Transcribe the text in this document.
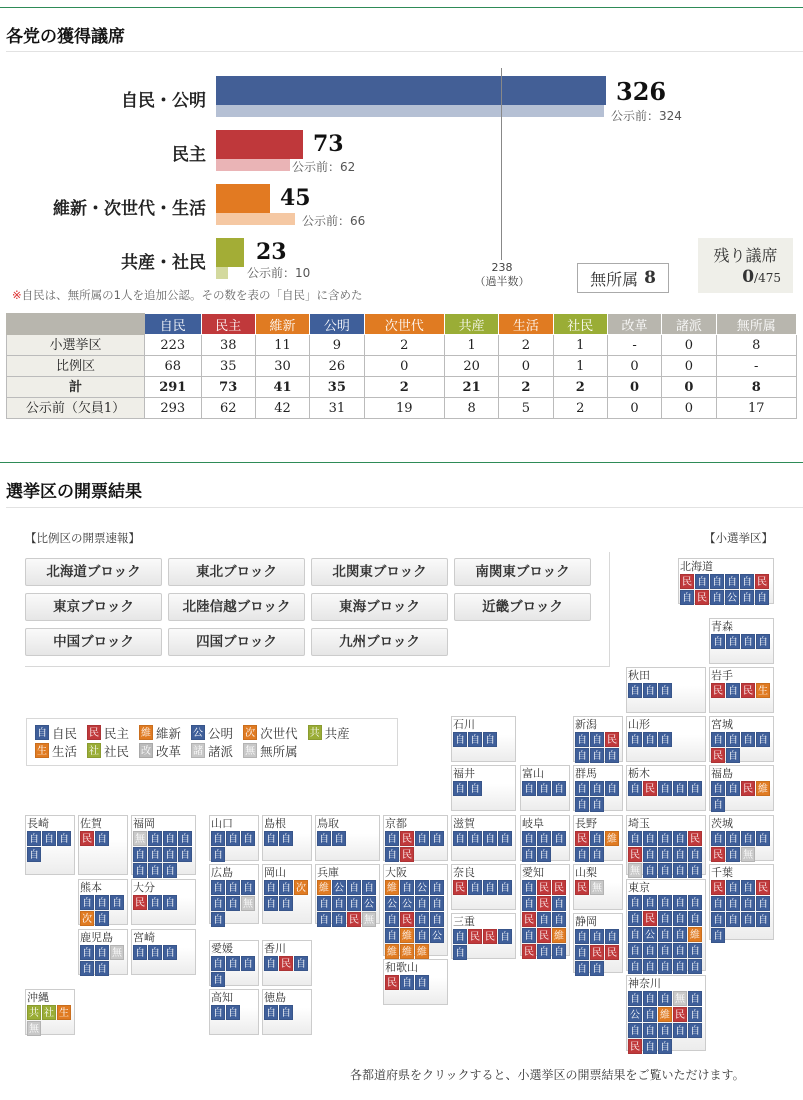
各党の獲得議席
自民・公明	326
公示前：324
民主	73
公示前：62
維新・次世代・生活	45
公示前：66
共産・社民 23
公示前：10	238
（過半数）	無所属 8
残り議席
0/475
※自民は、無所属の1人を追加公認。その数を表の「自民」に含めた
	自民	民主	維新	公明	次世代	共産	生活	社民	改革	諸派	無所属
小選挙区	223	38	11	9	2	1	2	1	-	0	8
比例区	68	35	30	26	0	20	0	1	0	0	-
計	291	73	41	35	2	21	2	2	0	0	8
公示前（欠員1）	293	62	42	31	19	8	5	2	0	0	17
選挙区の開票結果
【比例区の開票速報】	【小選挙区】
北海道ブロック	東北ブロック	北関東ブロック	南関東ブロック
東京ブロック	北陸信越ブロック	東海ブロック	近畿ブロック
中国ブロック	四国ブロック	九州ブロック
自 自民 民 民主 維 維新 公 公明 次 次世代 共 共産
生 生活 社 社民 改 改革 諸 諸派 無 無所属
北海道
民 自 自 自 自 民自 民 自 公 自 自
青森
自 自 自 自
秋田
自 自 自
岩手
民 自 民 生
石川
自 自 自
新潟
自 自 民自 自 自
山形
自 自 自
宮城
自 自 自 自民 自
福井
自 自
富山
自 自 自
群馬
自 自 自自 自
栃木
自 民 自 自 自
福島
自 自 民 維自
長崎
自 自 自自
佐賀
民 自
福岡
無 自 自 自自 自 自 自自 自 自
山口
自 自 自自
島根
自 自
鳥取
自 自
京都
自 民 自 自自 民
滋賀
自 自 自 自
岐阜
自 自 自自 自
長野
民 自 維自 自
埼玉
自 自 自 自 民民 自 自 自 自無 自 自 自 自
茨城
自 自 自 自民 自 無
熊本
自 自 自次 自
大分
民 自 自
広島
自 自 自自 自 無自
岡山
自 自 次自 自
兵庫
維 公 自 自自 自 自 公自 自 民 無
大阪
維 自 公 自公 公 自 自自 民 自 自自 維 自 公維 維 維
奈良
民 自 自 自
愛知
自 民 民自 民 自民 自 自自 民 維民 自 自
山梨
民 無
千葉
民 自 自 民自 自 自 自自 自 自 自自
東京
自 自 自 自 自自 民 自 自 自自 公 自 自 維自 自 自 自 自自 自 自 自 自
三重
自 民 民 自自
静岡
自 自 自自 民 民自 自
鹿児島
自 自 無自 自
宮崎
自 自 自	愛媛
自 自 自自
香川
自 民 自	和歌山
民 自 自	神奈川
自 自 自 無 自公 自 維 民 自自 自 自 自 自民 自 自
沖縄
共 社 生無
高知
自 自
徳島
自 自
各都道府県をクリックすると、小選挙区の開票結果をご覧いただけます。
